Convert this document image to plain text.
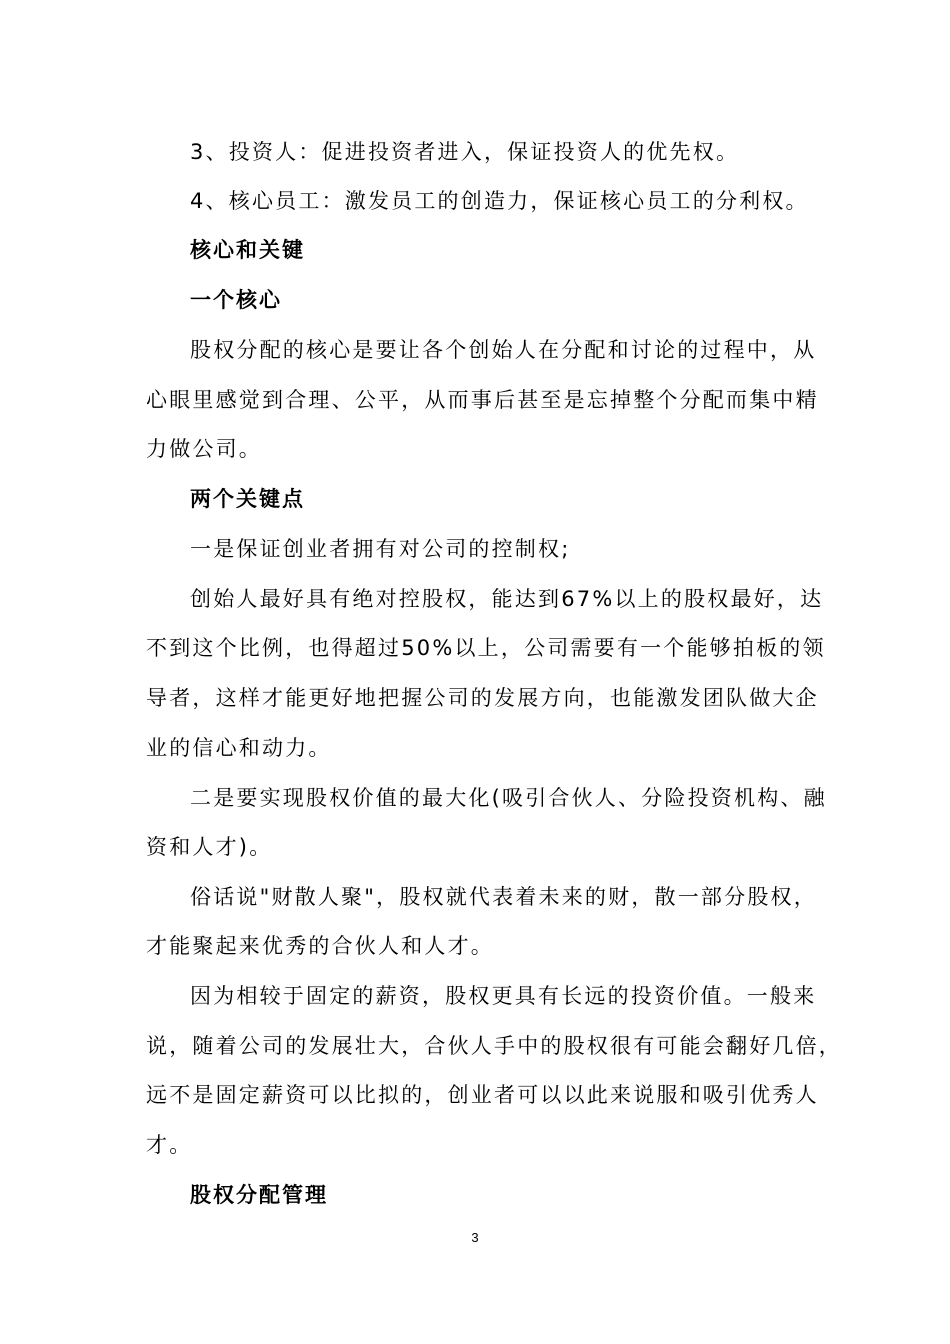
3、投资人：促进投资者进入，保证投资人的优先权。
4、核心员工：激发员工的创造力，保证核心员工的分利权。
核心和关键
一个核心
股权分配的核心是要让各个创始人在分配和讨论的过程中，从
心眼里感觉到合理、公平，从而事后甚至是忘掉整个分配而集中精
力做公司。
两个关键点
一是保证创业者拥有对公司的控制权;
创始人最好具有绝对控股权，能达到67%以上的股权最好，达
不到这个比例，也得超过50%以上，公司需要有一个能够拍板的领
导者，这样才能更好地把握公司的发展方向，也能激发团队做大企
业的信心和动力。
二是要实现股权价值的最大化(吸引合伙人、分险投资机构、融
资和人才)。
俗话说"财散人聚"，股权就代表着未来的财，散一部分股权，
才能聚起来优秀的合伙人和人才。
因为相较于固定的薪资，股权更具有长远的投资价值。一般来
说，随着公司的发展壮大，合伙人手中的股权很有可能会翻好几倍，
远不是固定薪资可以比拟的，创业者可以以此来说服和吸引优秀人
才。
股权分配管理
3
